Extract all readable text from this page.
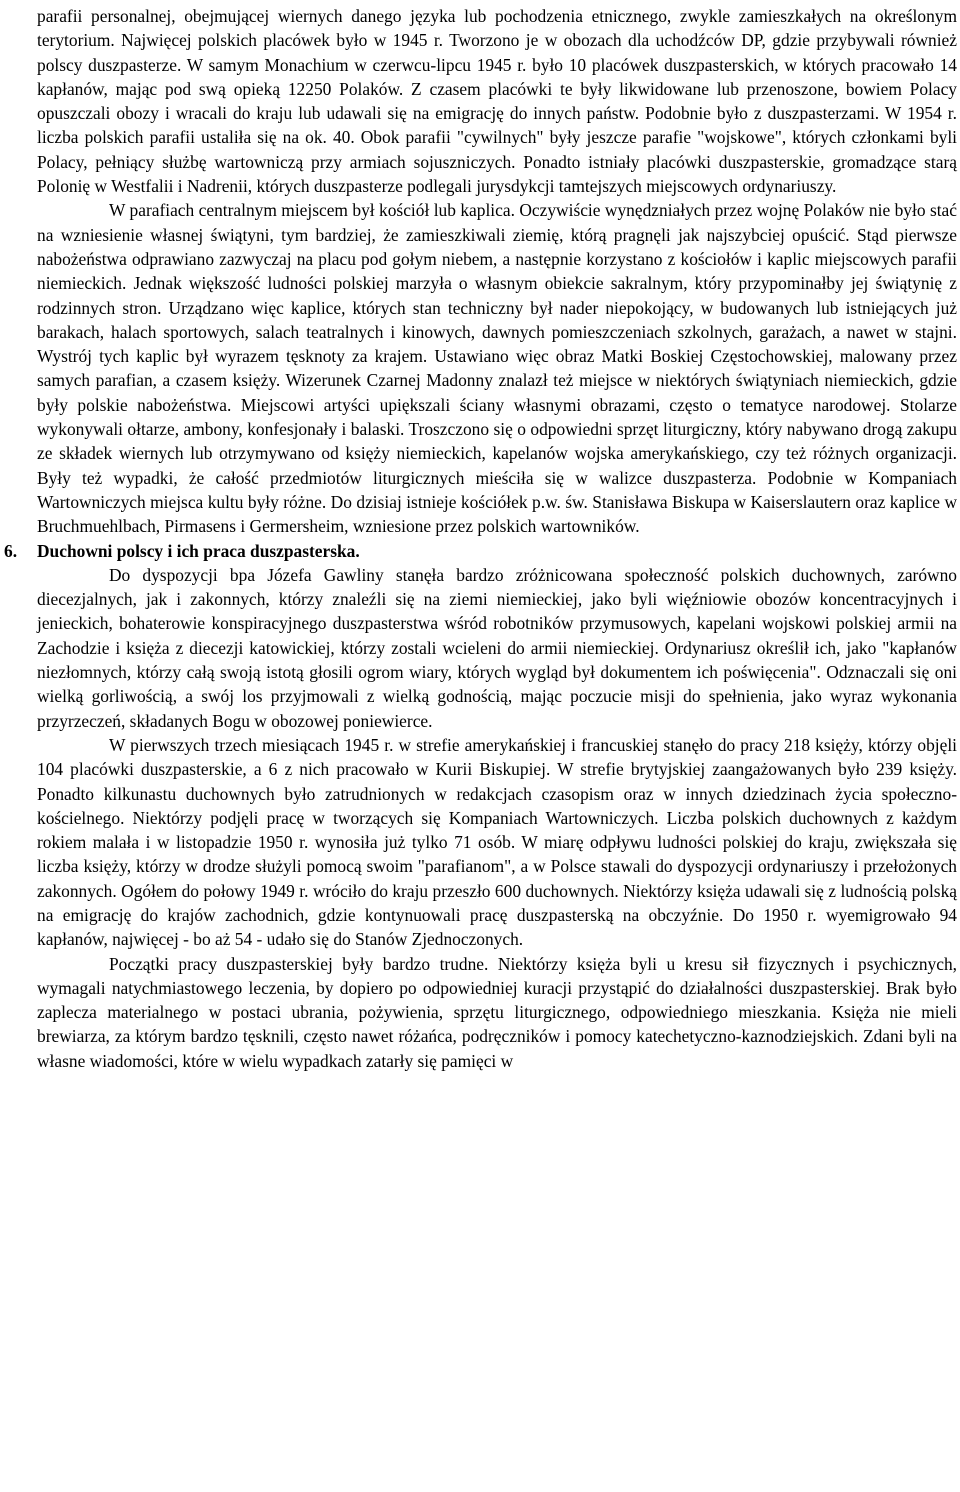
parafii personalnej, obejmującej wiernych danego języka lub pochodzenia etnicznego, zwykle zamieszkałych na określonym terytorium. Najwięcej polskich placówek było w 1945 r. Tworzono je w obozach dla uchodźców DP, gdzie przybywali również polscy duszpasterze. W samym Monachium w czerwcu-lipcu 1945 r. było 10 placówek duszpasterskich, w których pracowało 14 kapłanów, mając pod swą opieką 12250 Polaków. Z czasem placówki te były likwidowane lub przenoszone, bowiem Polacy opuszczali obozy i wracali do kraju lub udawali się na emigrację do innych państw. Podobnie było z duszpasterzami. W 1954 r. liczba polskich parafii ustaliła się na ok. 40. Obok parafii "cywilnych" były jeszcze parafie "wojskowe", których członkami byli Polacy, pełniący służbę wartowniczą przy armiach sojuszniczych. Ponadto istniały placówki duszpasterskie, gromadzące starą Polonię w Westfalii i Nadrenii, których duszpasterze podlegali jurysdykcji tamtejszych miejscowych ordynariuszy.

W parafiach centralnym miejscem był kościół lub kaplica. Oczywiście wynędzniałych przez wojnę Polaków nie było stać na wzniesienie własnej świątyni, tym bardziej, że zamieszkiwali ziemię, którą pragnęli jak najszybciej opuścić. Stąd pierwsze nabożeństwa odprawiano zazwyczaj na placu pod gołym niebem, a następnie korzystano z kościołów i kaplic miejscowych parafii niemieckich. Jednak większość ludności polskiej marzyła o własnym obiekcie sakralnym, który przypominałby jej świątynię z rodzinnych stron. Urządzano więc kaplice, których stan techniczny był nader niepokojący, w budowanych lub istniejących już barakach, halach sportowych, salach teatralnych i kinowych, dawnych pomieszczeniach szkolnych, garażach, a nawet w stajni. Wystrój tych kaplic był wyrazem tęsknoty za krajem. Ustawiano więc obraz Matki Boskiej Częstochowskiej, malowany przez samych parafian, a czasem księży. Wizerunek Czarnej Madonny znalazł też miejsce w niektórych świątyniach niemieckich, gdzie były polskie nabożeństwa. Miejscowi artyści upiększali ściany własnymi obrazami, często o tematyce narodowej. Stolarze wykonywali ołtarze, ambony, konfesjonały i balaski. Troszczono się o odpowiedni sprzęt liturgiczny, który nabywano drogą zakupu ze składek wiernych lub otrzymywano od księży niemieckich, kapelanów wojska amerykańskiego, czy też różnych organizacji. Były też wypadki, że całość przedmiotów liturgicznych mieściła się w walizce duszpasterza. Podobnie w Kompaniach Wartowniczych miejsca kultu były różne. Do dzisiaj istnieje kościółek p.w. św. Stanisława Biskupa w Kaiserslautern oraz kaplice w Bruchmuehlbach, Pirmasens i Germersheim, wzniesione przez polskich wartowników.

6. Duchowni polscy i ich praca duszpasterska.

Do dyspozycji bpa Józefa Gawliny stanęła bardzo zróżnicowana społeczność polskich duchownych, zarówno diecezjalnych, jak i zakonnych, którzy znaleźli się na ziemi niemieckiej, jako byli więźniowie obozów koncentracyjnych i jenieckich, bohaterowie konspiracyjnego duszpasterstwa wśród robotników przymusowych, kapelani wojskowi polskiej armii na Zachodzie i księża z diecezji katowickiej, którzy zostali wcieleni do armii niemieckiej. Ordynariusz określił ich, jako "kapłanów niezłomnych, którzy całą swoją istotą głosili ogrom wiary, których wygląd był dokumentem ich poświęcenia". Odznaczali się oni wielką gorliwością, a swój los przyjmowali z wielką godnością, mając poczucie misji do spełnienia, jako wyraz wykonania przyrzeczeń, składanych Bogu w obozowej poniewierce.

W pierwszych trzech miesiącach 1945 r. w strefie amerykańskiej i francuskiej stanęło do pracy 218 księży, którzy objęli 104 placówki duszpasterskie, a 6 z nich pracowało w Kurii Biskupiej. W strefie brytyjskiej zaangażowanych było 239 księży. Ponadto kilkunastu duchownych było zatrudnionych w redakcjach czasopism oraz w innych dziedzinach życia społeczno-kościelnego. Niektórzy podjęli pracę w tworzących się Kompaniach Wartowniczych. Liczba polskich duchownych z każdym rokiem malała i w listopadzie 1950 r. wynosiła już tylko 71 osób. W miarę odpływu ludności polskiej do kraju, zwiększała się liczba księży, którzy w drodze służyli pomocą swoim "parafianom", a w Polsce stawali do dyspozycji ordynariuszy i przełożonych zakonnych. Ogółem do połowy 1949 r. wróciło do kraju przeszło 600 duchownych. Niektórzy księża udawali się z ludnością polską na emigrację do krajów zachodnich, gdzie kontynuowali pracę duszpasterską na obczyźnie. Do 1950 r. wyemigrowało 94 kapłanów, najwięcej - bo aż 54 - udało się do Stanów Zjednoczonych.

Początki pracy duszpasterskiej były bardzo trudne. Niektórzy księża byli u kresu sił fizycznych i psychicznych, wymagali natychmiastowego leczenia, by dopiero po odpowiedniej kuracji przystąpić do działalności duszpasterskiej. Brak było zaplecza materialnego w postaci ubrania, pożywienia, sprzętu liturgicznego, odpowiedniego mieszkania. Księża nie mieli brewiarza, za którym bardzo tęsknili, często nawet różańca, podręczników i pomocy katechetyczno-kaznodziejskich. Zdani byli na własne wiadomości, które w wielu wypadkach zatarły się pamięci w
